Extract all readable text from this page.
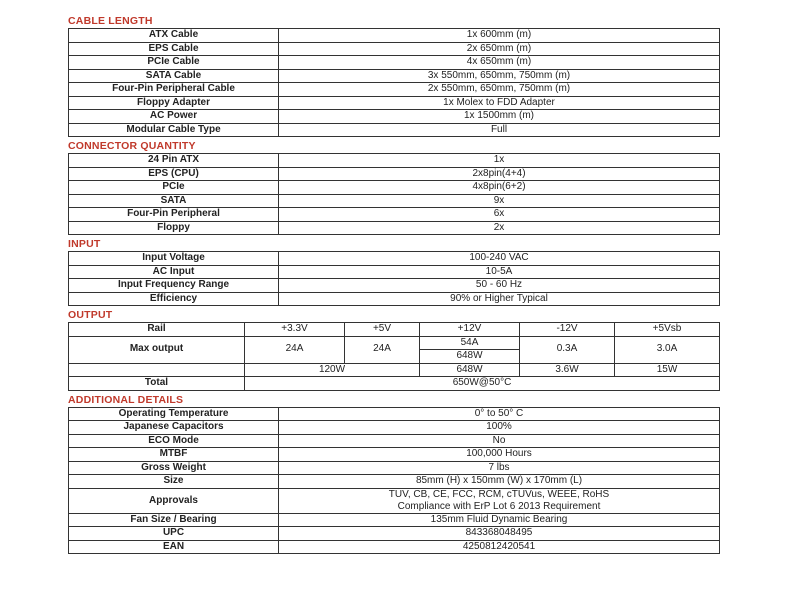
CABLE LENGTH
ATX Cable	1x 600mm (m)
EPS Cable	2x 650mm (m)
PCIe Cable	4x 650mm (m)
SATA Cable	3x 550mm, 650mm, 750mm (m)
Four-Pin Peripheral Cable	2x 550mm, 650mm, 750mm (m)
Floppy Adapter	1x Molex to FDD Adapter
AC Power	1x 1500mm (m)
Modular Cable Type	Full
CONNECTOR QUANTITY
24 Pin ATX	1x
EPS (CPU)	2x8pin(4+4)
PCIe	4x8pin(6+2)
SATA	9x
Four-Pin Peripheral	6x
Floppy	2x
INPUT
Input Voltage	100-240 VAC
AC Input	10-5A
Input Frequency Range	50 - 60 Hz
Efficiency	90% or Higher Typical
OUTPUT
Rail	+3.3V	+5V	+12V	-12V	+5Vsb
Max output	24A	24A	54A	0.3A	3.0A
			648W		
	120W		648W	3.6W	15W
Total	650W@50°C				
ADDITIONAL DETAILS
Operating Temperature	0° to 50° C
Japanese Capacitors	100%
ECO Mode	No
MTBF	100,000 Hours
Gross Weight	7 lbs
Size	85mm (H) x 150mm (W) x 170mm (L)
Approvals	TUV, CB, CE, FCC, RCM, cTUVus, WEEE, RoHS
Compliance with ErP Lot 6 2013 Requirement

Fan Size / Bearing	135mm Fluid Dynamic Bearing
UPC	843368048495
EAN	4250812420541
